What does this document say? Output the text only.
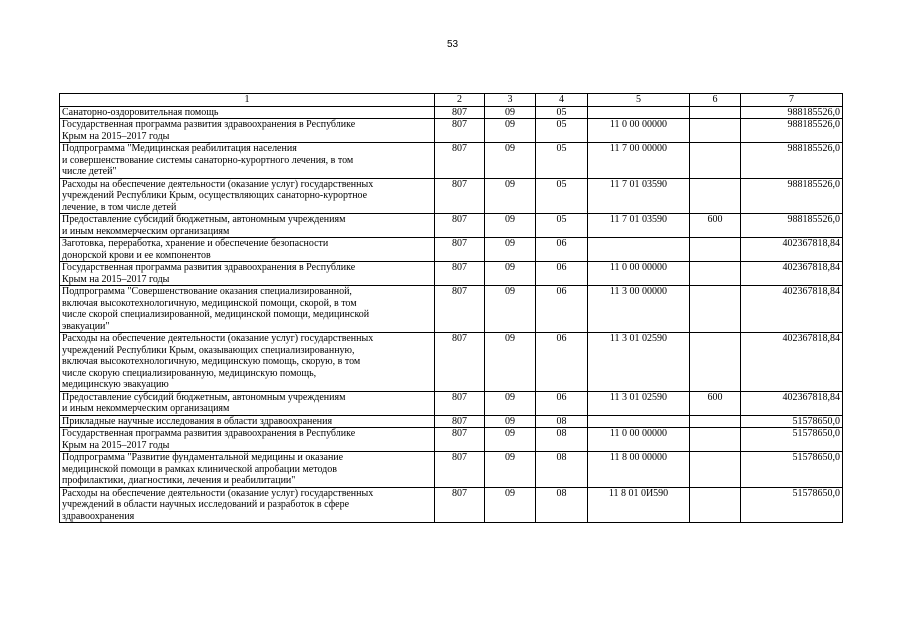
53
1	2	3	4	5	6	7
Санаторно-оздоровительная помощь	807	09	05			988185526,0
Государственная программа развития здравоохранения в Республике
Крым на 2015–2017 годы	807	09	05	11 0 00 00000		988185526,0
Подпрограмма "Медицинская реабилитация населения
и совершенствование системы санаторно-курортного лечения, в том
числе детей"	807	09	05	11 7 00 00000		988185526,0
Расходы на обеспечение деятельности (оказание услуг) государственных
учреждений Республики Крым, осуществляющих санаторно-курортное
лечение, в том числе детей	807	09	05	11 7 01 03590		988185526,0
Предоставление субсидий бюджетным, автономным учреждениям
и иным некоммерческим организациям	807	09	05	11 7 01 03590	600	988185526,0
Заготовка, переработка, хранение и обеспечение безопасности
донорской крови и ее компонентов	807	09	06			402367818,84
Государственная программа развития здравоохранения в Республике
Крым на 2015–2017 годы	807	09	06	11 0 00 00000		402367818,84
Подпрограмма "Совершенствование оказания специализированной,
включая высокотехнологичную, медицинской помощи, скорой, в том
числе скорой специализированной, медицинской помощи, медицинской
эвакуации"	807	09	06	11 3 00 00000		402367818,84
Расходы на обеспечение деятельности (оказание услуг) государственных
учреждений Республики Крым, оказывающих специализированную,
включая высокотехнологичную, медицинскую помощь, скорую, в том
числе скорую специализированную, медицинскую помощь,
медицинскую эвакуацию	807	09	06	11 3 01 02590		402367818,84
Предоставление субсидий бюджетным, автономным учреждениям
и иным некоммерческим организациям	807	09	06	11 3 01 02590	600	402367818,84
Прикладные научные исследования в области здравоохранения	807	09	08			51578650,0
Государственная программа развития здравоохранения в Республике
Крым на 2015–2017 годы	807	09	08	11 0 00 00000		51578650,0
Подпрограмма "Развитие фундаментальной медицины и оказание
медицинской помощи в рамках клинической апробации методов
профилактики, диагностики, лечения и реабилитации"	807	09	08	11 8 00 00000		51578650,0
Расходы на обеспечение деятельности (оказание услуг) государственных
учреждений в области научных исследований и разработок в сфере
здравоохранения	807	09	08	11 8 01 0И590		51578650,0
